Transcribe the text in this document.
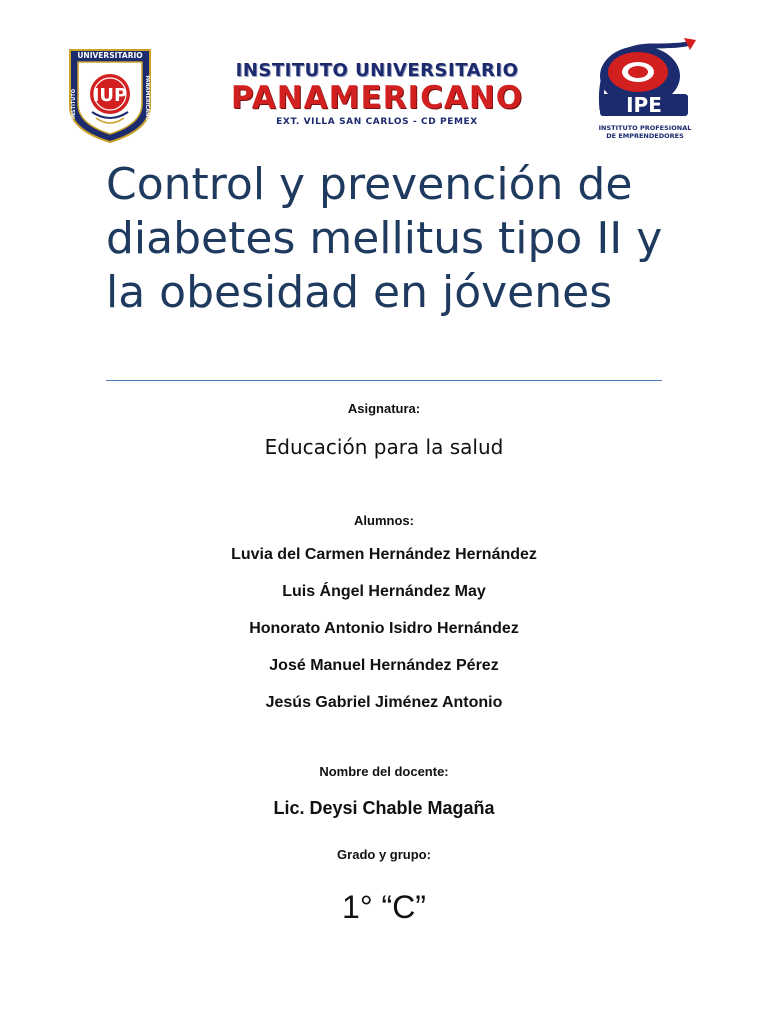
UNIVERSITARIO
INSTITUTO	PANAMERICANO
IUP
INSTITUTO UNIVERSITARIO
PANAMERICANO
EXT. VILLA SAN CARLOS - CD PEMEX
IPE
INSTITUTO PROFESIONAL
DE EMPRENDEDORES
Control y prevención de diabetes mellitus tipo II y la obesidad en jóvenes

Asignatura:

Educación para la salud

Alumnos:

Luvia del Carmen Hernández Hernández

Luis Ángel Hernández May

Honorato Antonio Isidro Hernández

José Manuel Hernández Pérez

Jesús Gabriel Jiménez Antonio

Nombre del docente:

Lic. Deysi Chable Magaña

Grado y grupo:

1° “C”
